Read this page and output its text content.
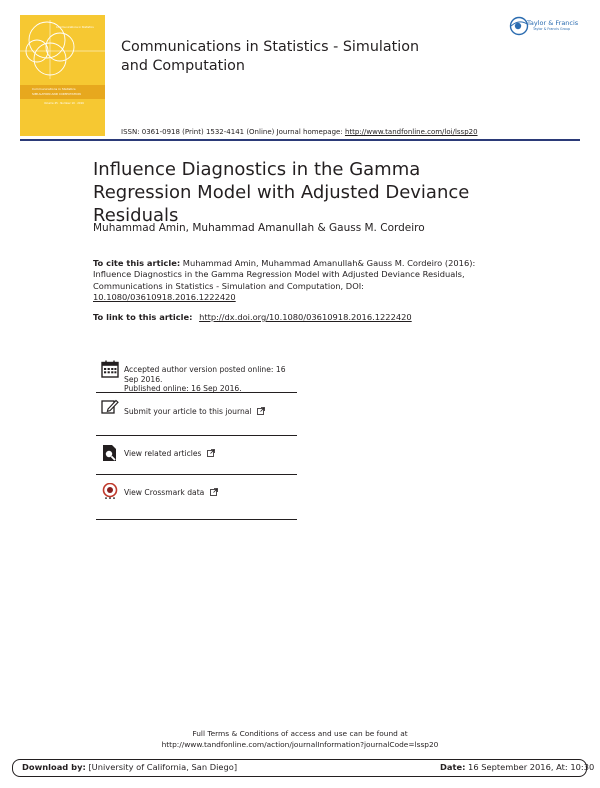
Communications in Statistics
Communications in Statistics
SIMULATION AND COMPUTATION
Volume 45 · Number 10 · 2016
Communications in Statistics - Simulation and Computation
Taylor & Francis
Taylor & Francis Group
ISSN: 0361-0918 (Print) 1532-4141 (Online) Journal homepage: http://www.tandfonline.com/loi/lssp20
Influence Diagnostics in the Gamma Regression Model with Adjusted Deviance Residuals
Muhammad Amin, Muhammad Amanullah & Gauss M. Cordeiro
To cite this article: Muhammad Amin, Muhammad Amanullah& Gauss M. Cordeiro (2016): Influence Diagnostics in the Gamma Regression Model with Adjusted Deviance Residuals, Communications in Statistics - Simulation and Computation, DOI: 10.1080/03610918.2016.1222420
To link to this article: http://dx.doi.org/10.1080/03610918.2016.1222420
Accepted author version posted online: 16 Sep 2016.
Published online: 16 Sep 2016.
Submit your article to this journal
View related articles
View Crossmark data
Full Terms & Conditions of access and use can be found at
http://www.tandfonline.com/action/journalInformation?journalCode=lssp20
Download by: [University of California, San Diego]	Date: 16 September 2016, At: 10:30
